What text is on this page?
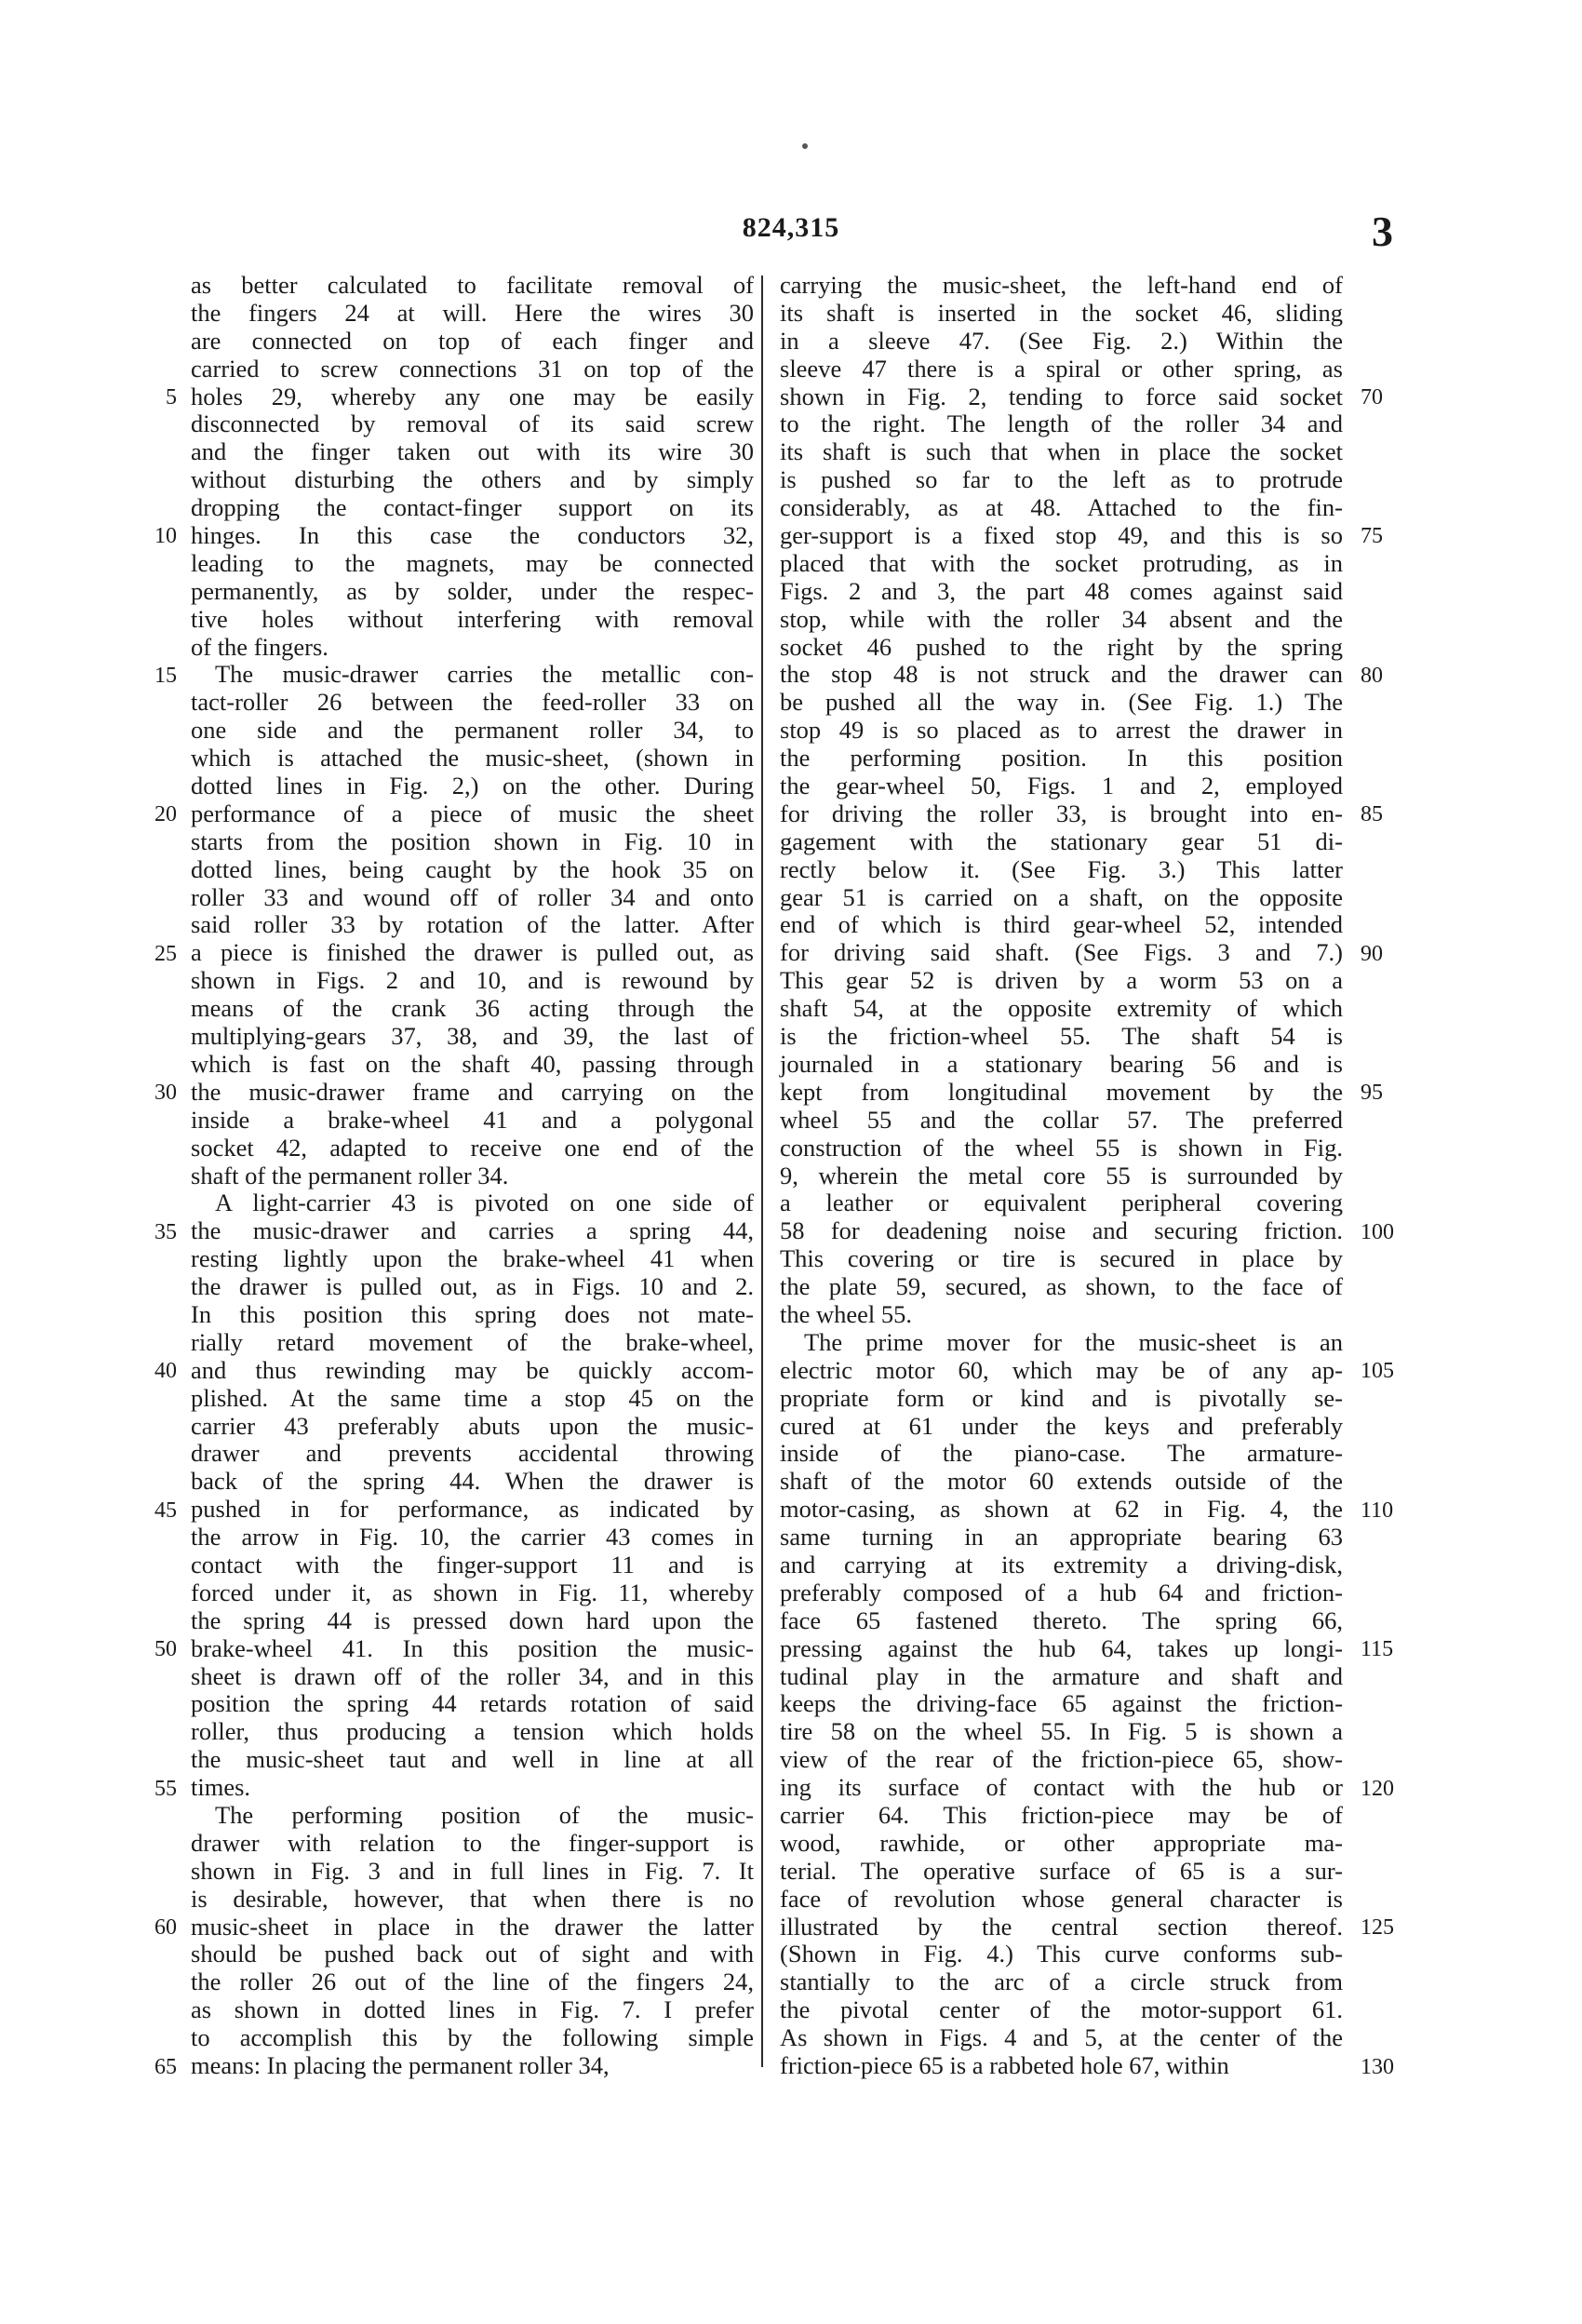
824,315	3
as better calculated to facilitate removal of
the fingers 24 at will. Here the wires 30
are connected on top of each finger and
carried to screw connections 31 on top of the
holes 29, whereby any one may be easily
disconnected by removal of its said screw
and the finger taken out with its wire 30
without disturbing the others and by simply
dropping the contact-finger support on its
hinges. In this case the conductors 32,
leading to the magnets, may be connected
permanently, as by solder, under the respec-
tive holes without interfering with removal
of the fingers.
The music-drawer carries the metallic con-
tact-roller 26 between the feed-roller 33 on
one side and the permanent roller 34, to
which is attached the music-sheet, (shown in
dotted lines in Fig. 2,) on the other. During
performance of a piece of music the sheet
starts from the position shown in Fig. 10 in
dotted lines, being caught by the hook 35 on
roller 33 and wound off of roller 34 and onto
said roller 33 by rotation of the latter. After
a piece is finished the drawer is pulled out, as
shown in Figs. 2 and 10, and is rewound by
means of the crank 36 acting through the
multiplying-gears 37, 38, and 39, the last of
which is fast on the shaft 40, passing through
the music-drawer frame and carrying on the
inside a brake-wheel 41 and a polygonal
socket 42, adapted to receive one end of the
shaft of the permanent roller 34.
A light-carrier 43 is pivoted on one side of
the music-drawer and carries a spring 44,
resting lightly upon the brake-wheel 41 when
the drawer is pulled out, as in Figs. 10 and 2.
In this position this spring does not mate-
rially retard movement of the brake-wheel,
and thus rewinding may be quickly accom-
plished. At the same time a stop 45 on the
carrier 43 preferably abuts upon the music-
drawer and prevents accidental throwing
back of the spring 44. When the drawer is
pushed in for performance, as indicated by
the arrow in Fig. 10, the carrier 43 comes in
contact with the finger-support 11 and is
forced under it, as shown in Fig. 11, whereby
the spring 44 is pressed down hard upon the
brake-wheel 41. In this position the music-
sheet is drawn off of the roller 34, and in this
position the spring 44 retards rotation of said
roller, thus producing a tension which holds
the music-sheet taut and well in line at all
times.
The performing position of the music-
drawer with relation to the finger-support is
shown in Fig. 3 and in full lines in Fig. 7. It
is desirable, however, that when there is no
music-sheet in place in the drawer the latter
should be pushed back out of sight and with
the roller 26 out of the line of the fingers 24,
as shown in dotted lines in Fig. 7. I prefer
to accomplish this by the following simple
means: In placing the permanent roller 34,
carrying the music-sheet, the left-hand end of
its shaft is inserted in the socket 46, sliding
in a sleeve 47. (See Fig. 2.) Within the
sleeve 47 there is a spiral or other spring, as
shown in Fig. 2, tending to force said socket
to the right. The length of the roller 34 and
its shaft is such that when in place the socket
is pushed so far to the left as to protrude
considerably, as at 48. Attached to the fin-
ger-support is a fixed stop 49, and this is so
placed that with the socket protruding, as in
Figs. 2 and 3, the part 48 comes against said
stop, while with the roller 34 absent and the
socket 46 pushed to the right by the spring
the stop 48 is not struck and the drawer can
be pushed all the way in. (See Fig. 1.) The
stop 49 is so placed as to arrest the drawer in
the performing position. In this position
the gear-wheel 50, Figs. 1 and 2, employed
for driving the roller 33, is brought into en-
gagement with the stationary gear 51 di-
rectly below it. (See Fig. 3.) This latter
gear 51 is carried on a shaft, on the opposite
end of which is third gear-wheel 52, intended
for driving said shaft. (See Figs. 3 and 7.)
This gear 52 is driven by a worm 53 on a
shaft 54, at the opposite extremity of which
is the friction-wheel 55. The shaft 54 is
journaled in a stationary bearing 56 and is
kept from longitudinal movement by the
wheel 55 and the collar 57. The preferred
construction of the wheel 55 is shown in Fig.
9, wherein the metal core 55 is surrounded by
a leather or equivalent peripheral covering
58 for deadening noise and securing friction.
This covering or tire is secured in place by
the plate 59, secured, as shown, to the face of
the wheel 55.
The prime mover for the music-sheet is an
electric motor 60, which may be of any ap-
propriate form or kind and is pivotally se-
cured at 61 under the keys and preferably
inside of the piano-case. The armature-
shaft of the motor 60 extends outside of the
motor-casing, as shown at 62 in Fig. 4, the
same turning in an appropriate bearing 63
and carrying at its extremity a driving-disk,
preferably composed of a hub 64 and friction-
face 65 fastened thereto. The spring 66,
pressing against the hub 64, takes up longi-
tudinal play in the armature and shaft and
keeps the driving-face 65 against the friction-
tire 58 on the wheel 55. In Fig. 5 is shown a
view of the rear of the friction-piece 65, show-
ing its surface of contact with the hub or
carrier 64. This friction-piece may be of
wood, rawhide, or other appropriate ma-
terial. The operative surface of 65 is a sur-
face of revolution whose general character is
illustrated by the central section thereof.
(Shown in Fig. 4.) This curve conforms sub-
stantially to the arc of a circle struck from
the pivotal center of the motor-support 61.
As shown in Figs. 4 and 5, at the center of the
friction-piece 65 is a rabbeted hole 67, within
5
10
15
20
25
30
35
40
45
50
55
60
65
70
75
80
85
90
95
100
105
110
115
120
125
130
